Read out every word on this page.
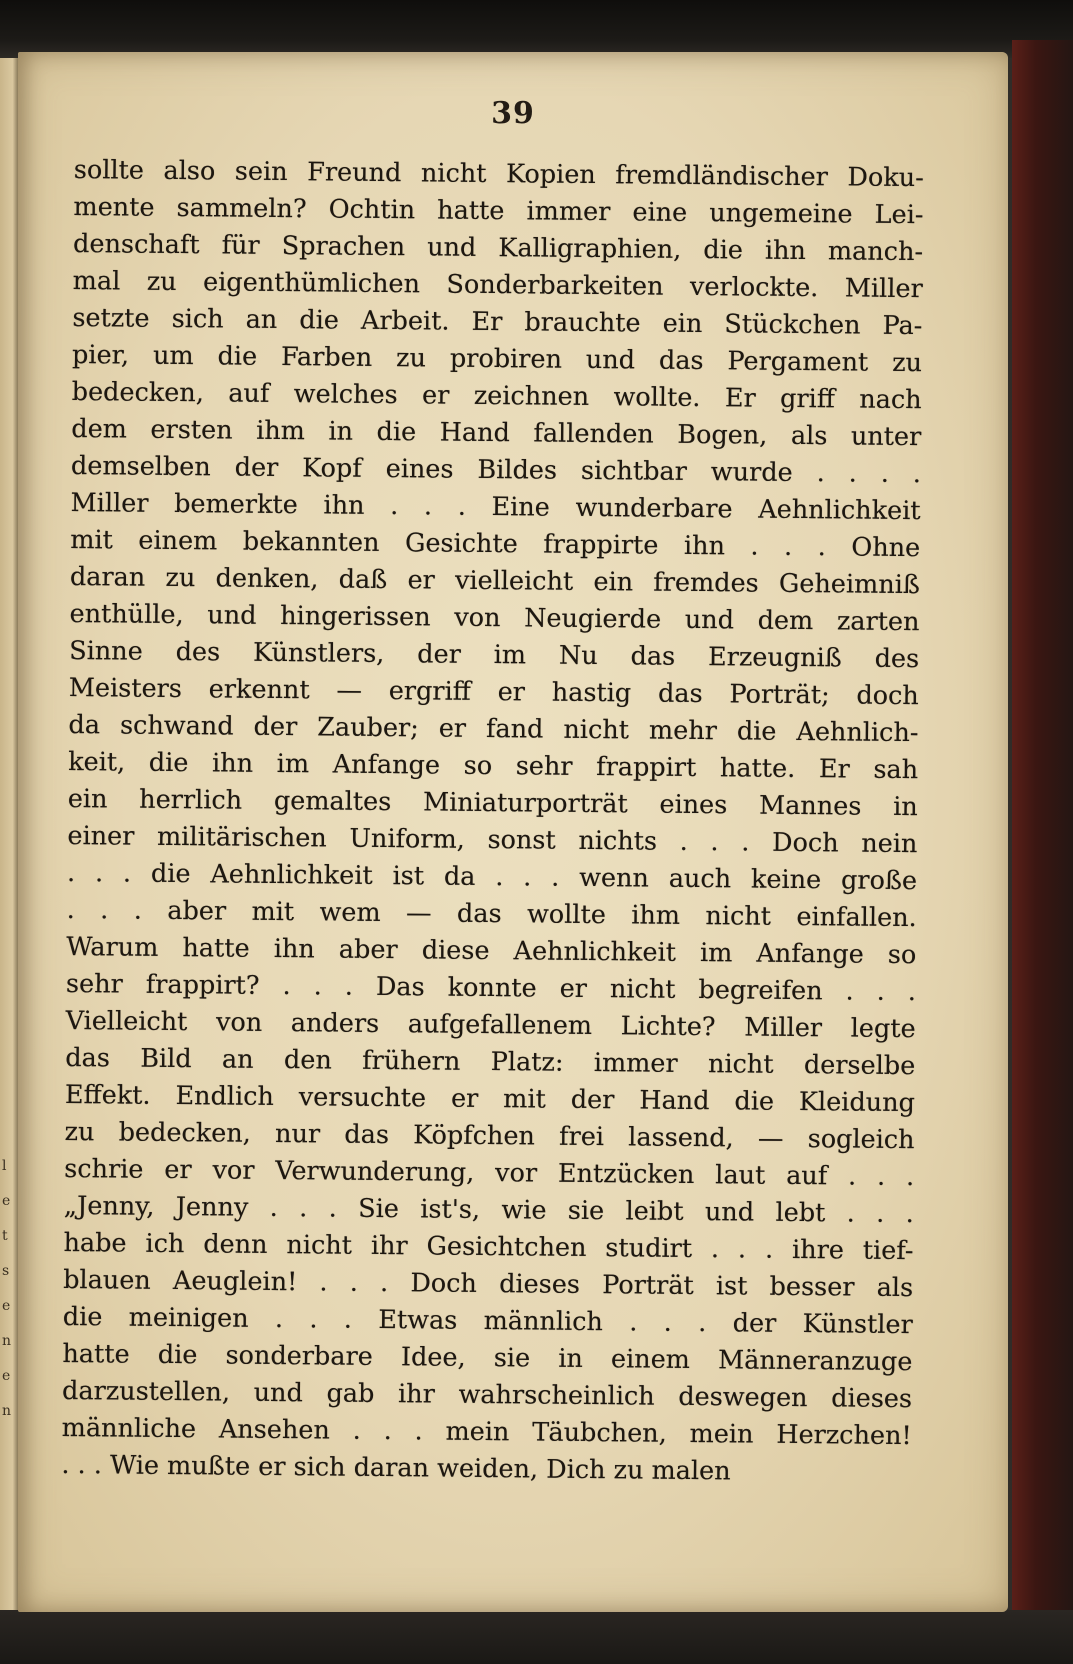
l
e
t
s
e
n
e
n
39
sollte also sein Freund nicht Kopien fremdländischer Doku-
mente sammeln? Ochtin hatte immer eine ungemeine Lei-
denschaft für Sprachen und Kalligraphien, die ihn manch-
mal zu eigenthümlichen Sonderbarkeiten verlockte. Miller
setzte sich an die Arbeit. Er brauchte ein Stückchen Pa-
pier, um die Farben zu probiren und das Pergament zu
bedecken, auf welches er zeichnen wollte. Er griff nach
dem ersten ihm in die Hand fallenden Bogen, als unter
demselben der Kopf eines Bildes sichtbar wurde . . . .
Miller bemerkte ihn . . . Eine wunderbare Aehnlichkeit
mit einem bekannten Gesichte frappirte ihn . . . Ohne
daran zu denken, daß er vielleicht ein fremdes Geheimniß
enthülle, und hingerissen von Neugierde und dem zarten
Sinne des Künstlers, der im Nu das Erzeugniß des
Meisters erkennt — ergriff er hastig das Porträt; doch
da schwand der Zauber; er fand nicht mehr die Aehnlich-
keit, die ihn im Anfange so sehr frappirt hatte. Er sah
ein herrlich gemaltes Miniaturporträt eines Mannes in
einer militärischen Uniform, sonst nichts . . . Doch nein
. . . die Aehnlichkeit ist da . . . wenn auch keine große
. . . aber mit wem — das wollte ihm nicht einfallen.
Warum hatte ihn aber diese Aehnlichkeit im Anfange so
sehr frappirt? . . . Das konnte er nicht begreifen . . .
Vielleicht von anders aufgefallenem Lichte? Miller legte
das Bild an den frühern Platz: immer nicht derselbe
Effekt. Endlich versuchte er mit der Hand die Kleidung
zu bedecken, nur das Köpfchen frei lassend, — sogleich
schrie er vor Verwunderung, vor Entzücken laut auf . . .
„Jenny, Jenny . . . Sie ist's, wie sie leibt und lebt . . .
habe ich denn nicht ihr Gesichtchen studirt . . . ihre tief-
blauen Aeuglein! . . . Doch dieses Porträt ist besser als
die meinigen . . . Etwas männlich . . . der Künstler
hatte die sonderbare Idee, sie in einem Männeranzuge
darzustellen, und gab ihr wahrscheinlich deswegen dieses
männliche Ansehen . . . mein Täubchen, mein Herzchen!
. . . Wie mußte er sich daran weiden, Dich zu malen
